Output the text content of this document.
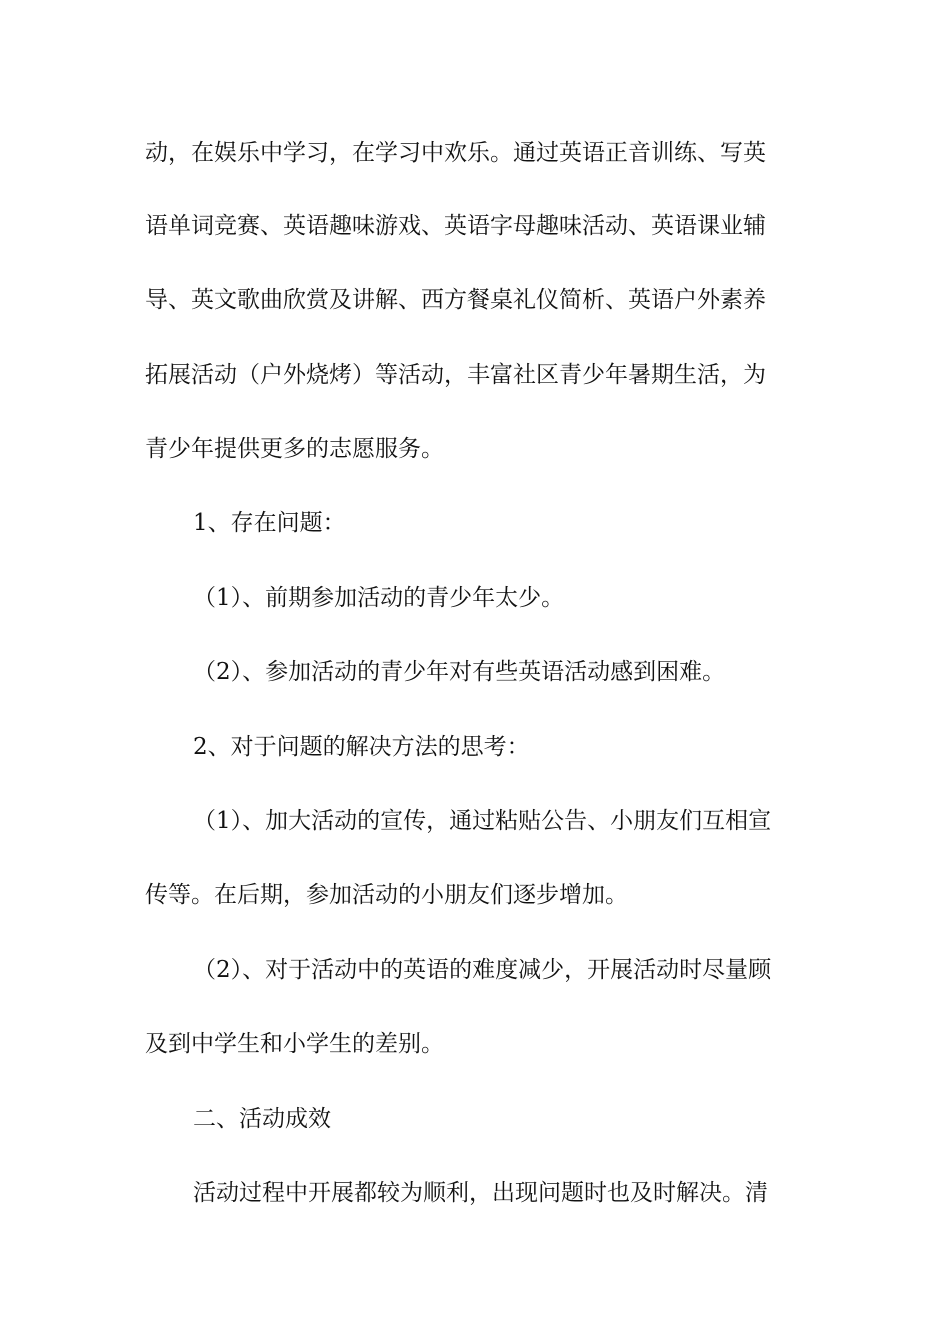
动，在娱乐中学习，在学习中欢乐。通过英语正音训练、写英
语单词竞赛、英语趣味游戏、英语字母趣味活动、英语课业辅
导、英文歌曲欣赏及讲解、西方餐桌礼仪简析、英语户外素养
拓展活动（户外烧烤）等活动，丰富社区青少年暑期生活，为
青少年提供更多的志愿服务。
1、存在问题：
（1）、前期参加活动的青少年太少。
（2）、参加活动的青少年对有些英语活动感到困难。
2、对于问题的解决方法的思考：
（1）、加大活动的宣传，通过粘贴公告、小朋友们互相宣
传等。在后期，参加活动的小朋友们逐步增加。
（2）、对于活动中的英语的难度减少，开展活动时尽量顾
及到中学生和小学生的差别。
二、活动成效
活动过程中开展都较为顺利，出现问题时也及时解决。清
